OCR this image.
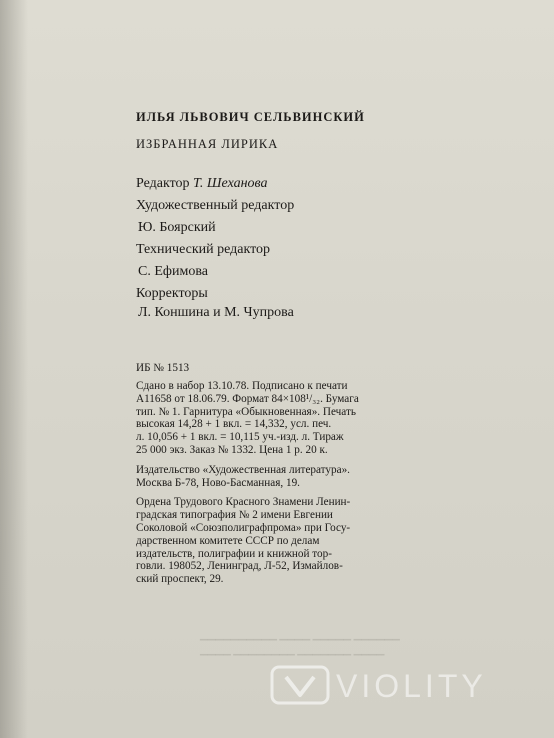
▁▁▁▁▁▁▁▁▁▁ ▁▁▁▁ ▁▁▁▁▁ ▁▁▁▁▁▁
▁▁▁▁ ▁▁▁▁▁▁▁▁ ▁▁▁▁▁▁▁ ▁▁▁▁
ИЛЬЯ ЛЬВОВИЧ СЕЛЬВИНСКИЙ
ИЗБРАННАЯ ЛИРИКА
Редактор Т. Шеханова
Художественный редактор
Ю. Боярский
Технический редактор
С. Ефимова
Корректоры
Л. Коншина и М. Чупрова
ИБ № 1513
Сдано в набор 13.10.78. Подписано к печати
А11658 от 18.06.79. Формат 84×108¹/₃₂. Бумага
тип. № 1. Гарнитура «Обыкновенная». Печать
высокая 14,28 + 1 вкл. = 14,332, усл. печ.
л. 10,056 + 1 вкл. = 10,115 уч.-изд. л. Тираж
25 000 экз. Заказ № 1332. Цена 1 р. 20 к.
Издательство «Художественная литература».
Москва Б-78, Ново-Басманная, 19.
Ордена Трудового Красного Знамени Ленин-
градская типография № 2 имени Евгении
Соколовой «Союзполиграфпрома» при Госу-
дарственном комитете СССР по делам
издательств, полиграфии и книжной тор-
говли. 198052, Ленинград, Л-52, Измайлов-
ский проспект, 29.
VIOLITY
